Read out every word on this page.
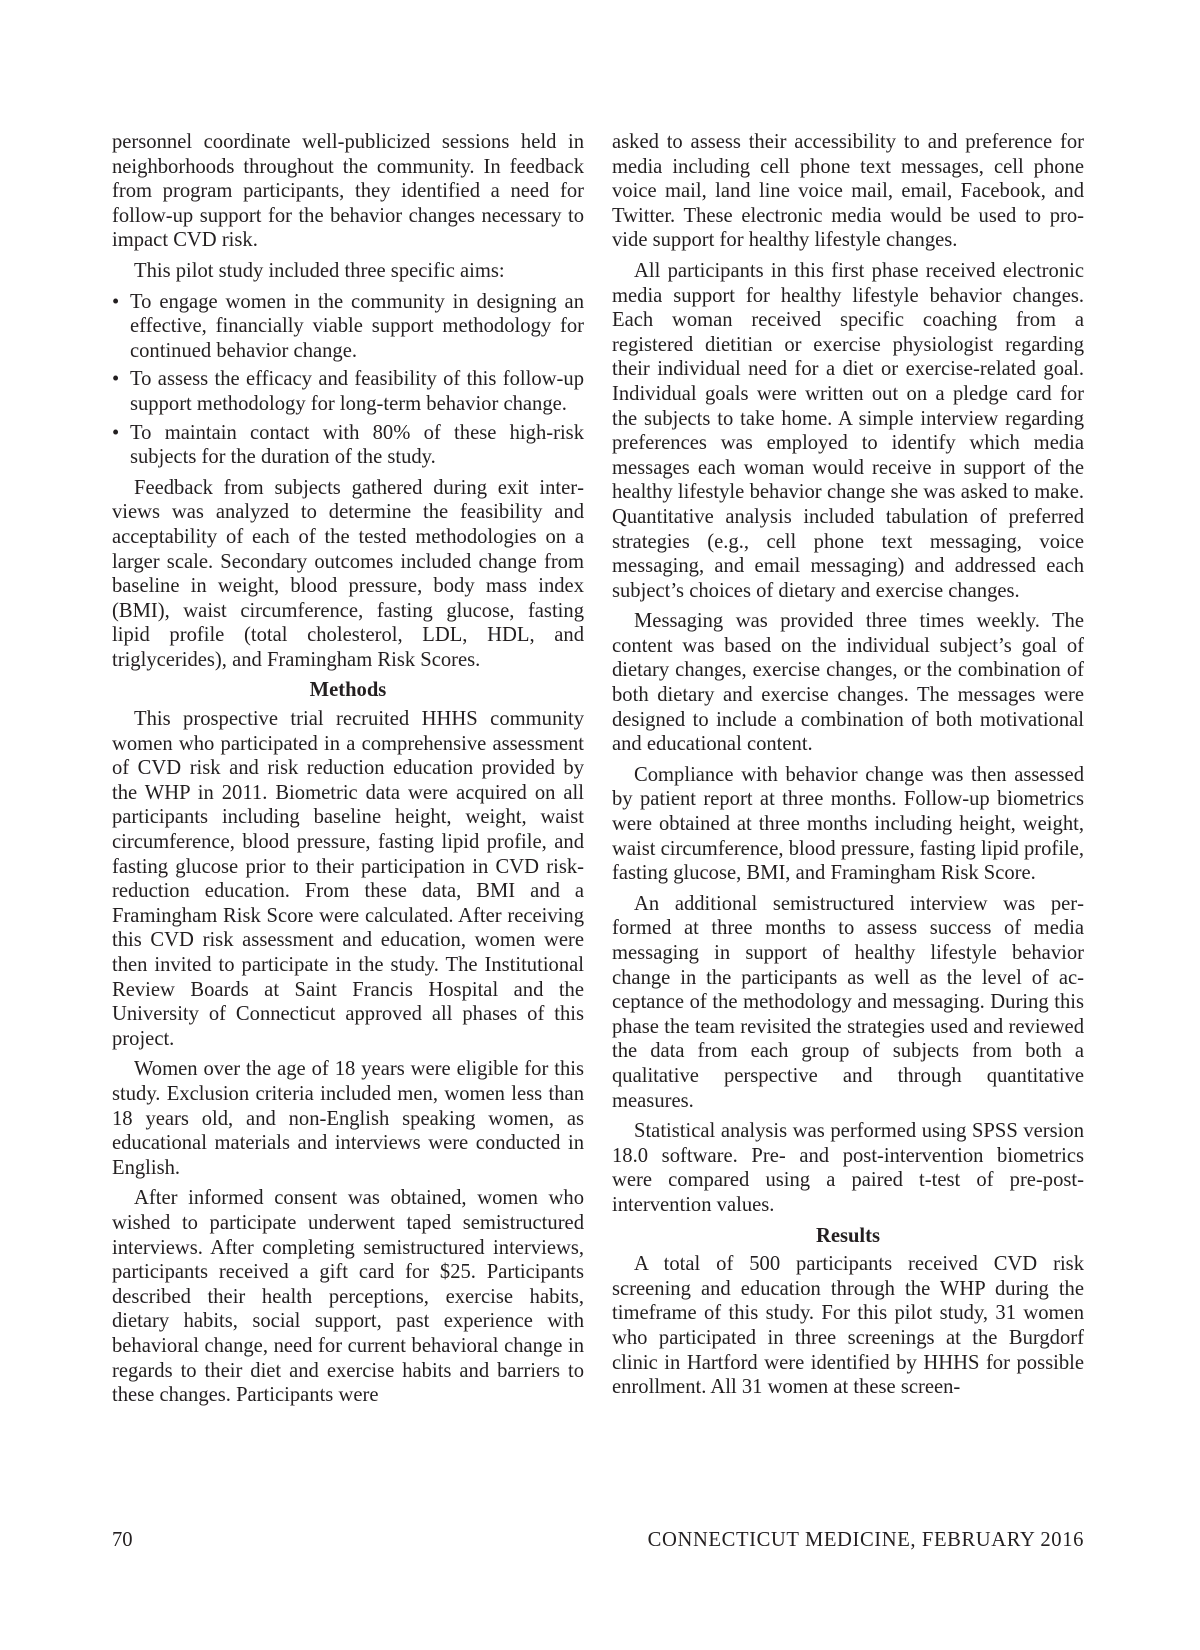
personnel coordinate well-publicized sessions held in neighborhoods throughout the community. In feedback from program participants, they identified a need for follow-up support for the behavior changes necessary to impact CVD risk.

This pilot study included three specific aims:

• To engage women in the community in designing an effective, financially viable support methodology for continued behavior change.
• To assess the efficacy and feasibility of this follow-up support methodology for long-term behavior change.
• To maintain contact with 80% of these high-risk subjects for the duration of the study.

Feedback from subjects gathered during exit interviews was analyzed to determine the feasibility and acceptability of each of the tested methodologies on a larger scale. Secondary outcomes included change from baseline in weight, blood pressure, body mass index (BMI), waist circumference, fasting glucose, fasting lipid profile (total cholesterol, LDL, HDL, and triglycerides), and Framingham Risk Scores.

Methods

This prospective trial recruited HHHS community women who participated in a comprehensive assessment of CVD risk and risk reduction education provided by the WHP in 2011. Biometric data were acquired on all participants including baseline height, weight, waist circumference, blood pressure, fasting lipid profile, and fasting glucose prior to their participation in CVD risk-reduction education. From these data, BMI and a Framingham Risk Score were calculated. After receiving this CVD risk assessment and education, women were then invited to participate in the study. The Institutional Review Boards at Saint Francis Hospital and the University of Connecticut approved all phases of this project.

Women over the age of 18 years were eligible for this study. Exclusion criteria included men, women less than 18 years old, and non-English speaking women, as educational materials and interviews were conducted in English.

After informed consent was obtained, women who wished to participate underwent taped semistructured interviews. After completing semistructured interviews, participants received a gift card for $25. Participants described their health perceptions, exercise habits, dietary habits, social support, past experience with behavioral change, need for current behavioral change in regards to their diet and exercise habits and barriers to these changes. Participants were

asked to assess their accessibility to and preference for media including cell phone text messages, cell phone voice mail, land line voice mail, email, Facebook, and Twitter. These electronic media would be used to provide support for healthy lifestyle changes.

All participants in this first phase received electronic media support for healthy lifestyle behavior changes. Each woman received specific coaching from a registered dietitian or exercise physiologist regarding their individual need for a diet or exercise-related goal. Individual goals were written out on a pledge card for the subjects to take home. A simple interview regarding preferences was employed to identify which media messages each woman would receive in support of the healthy lifestyle behavior change she was asked to make. Quantitative analysis included tabulation of preferred strategies (e.g., cell phone text messaging, voice messaging, and email messaging) and addressed each subject’s choices of dietary and exercise changes.

Messaging was provided three times weekly. The content was based on the individual subject’s goal of dietary changes, exercise changes, or the combination of both dietary and exercise changes. The messages were designed to include a combination of both motivational and educational content.

Compliance with behavior change was then assessed by patient report at three months. Follow-up biometrics were obtained at three months including height, weight, waist circumference, blood pressure, fasting lipid profile, fasting glucose, BMI, and Framingham Risk Score.

An additional semistructured interview was performed at three months to assess success of media messaging in support of healthy lifestyle behavior change in the participants as well as the level of acceptance of the methodology and messaging. During this phase the team revisited the strategies used and reviewed the data from each group of subjects from both a qualitative perspective and through quantitative measures.

Statistical analysis was performed using SPSS version 18.0 software. Pre- and post-intervention biometrics were compared using a paired t-test of pre-post-intervention values.

Results

A total of 500 participants received CVD risk screening and education through the WHP during the timeframe of this study. For this pilot study, 31 women who participated in three screenings at the Burgdorf clinic in Hartford were identified by HHHS for possible enrollment. All 31 women at these screen-

70	CONNECTICUT MEDICINE, FEBRUARY 2016
